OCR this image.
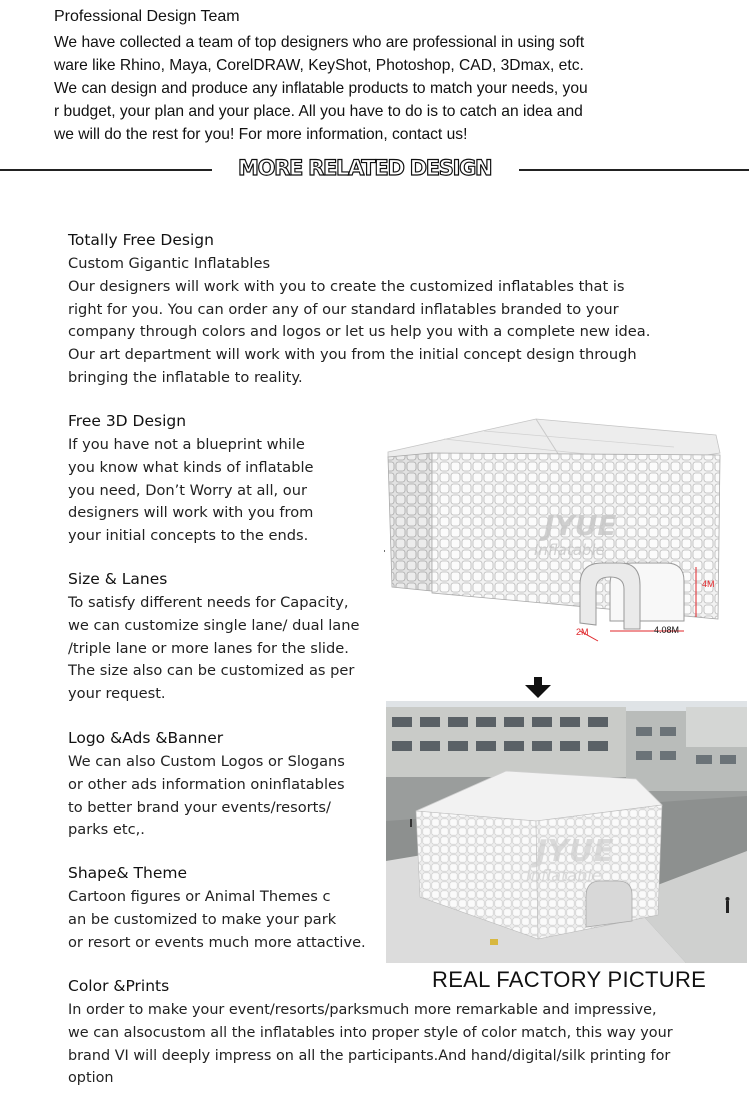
Professional Design Team
We have collected a team of top designers who are professional in using soft
ware like Rhino, Maya, CorelDRAW, KeyShot, Photoshop, CAD, 3Dmax, etc.
We can design and produce any inflatable products to match your needs, you
r budget, your plan and your place. All you have to do is to catch an idea and
we will do the rest for you! For more information, contact us!
MORE RELATED DESIGN
Totally Free Design
Custom Gigantic Inflatables
Our designers will work with you to create the customized inflatables that is
right for you. You can order any of our standard inflatables branded to your
company through colors and logos or let us help you with a complete new idea.
Our art department will work with you from the initial concept design through
bringing the inflatable to reality.
Free 3D Design
If you have not a blueprint while
you know what kinds of inflatable
you need, Don’t Worry at all, our
designers will work with you from
your initial concepts to the ends.
Size & Lanes
To satisfy different needs for Capacity,
we can customize single lane/ dual lane
/triple lane or more lanes for the slide.
The size also can be customized as per
your request.
Logo &Ads &Banner
We can also Custom Logos or Slogans
or other ads information oninflatables
to better brand your events/resorts/
parks etc,.
Shape& Theme
Cartoon figures or Animal Themes c
an be customized to make your park
or resort or events much more attactive.
Color &Prints
In order to make your event/resorts/parksmuch more remarkable and impressive,
we can alsocustom all the inflatables into proper style of color match, this way your
brand VI will deeply impress on all the participants.And hand/digital/silk printing for
option
JYUE
Inflatable
4M
2M	4.08M
JYUE
Inflatable
REAL FACTORY PICTURE
